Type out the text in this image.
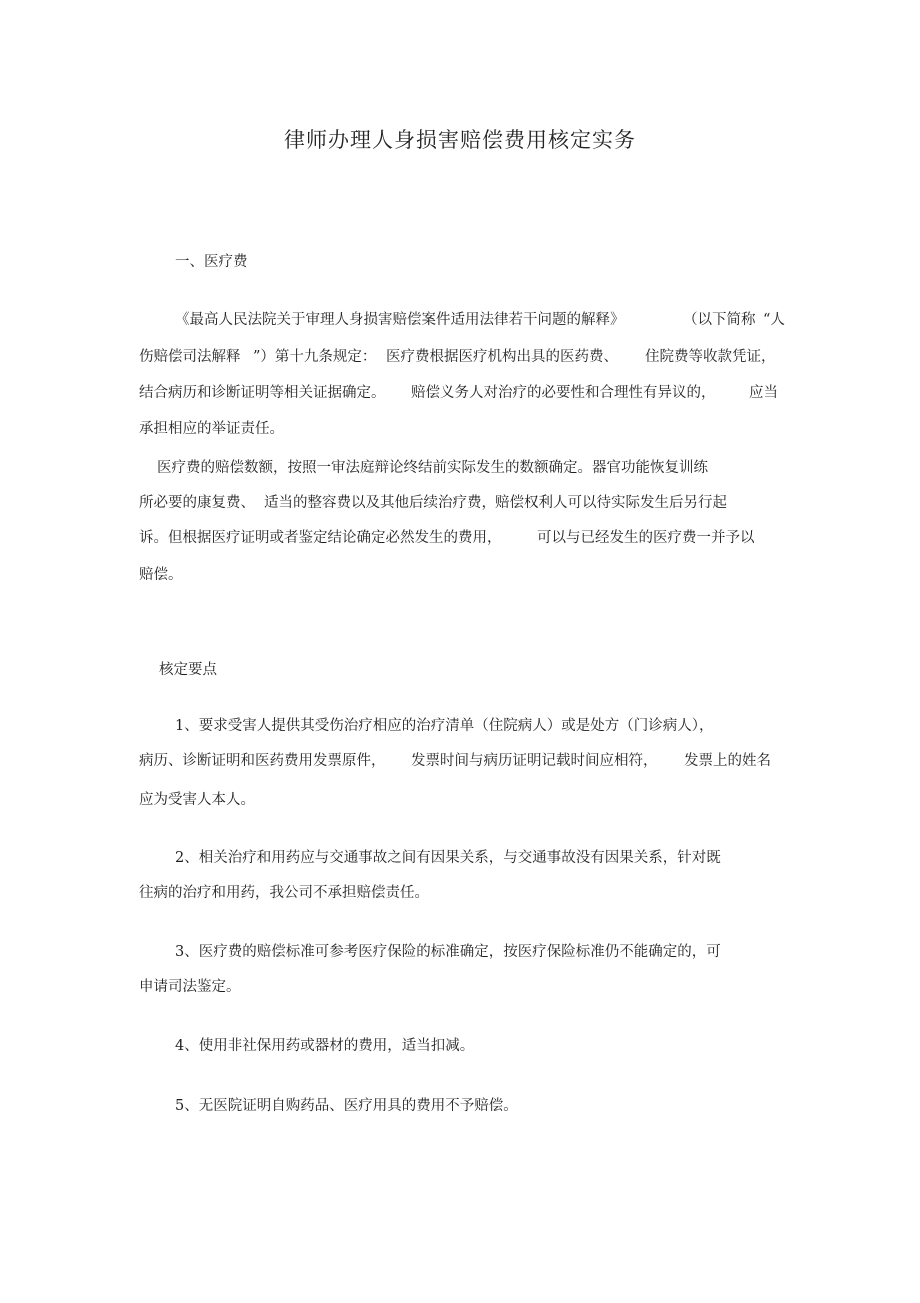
律师办理人身损害赔偿费用核定实务
一、医疗费
《最高人民法院关于审理人身损害赔偿案件适用法律若干问题的解释》	（以下简称 “人
伤赔偿司法解释 ”）第十九条规定： 医疗费根据医疗机构出具的医药费、 住院费等收款凭证，
结合病历和诊断证明等相关证据确定。 赔偿义务人对治疗的必要性和合理性有异议的， 应当
承担相应的举证责任。
医疗费的赔偿数额，按照一审法庭辩论终结前实际发生的数额确定。器官功能恢复训练
所必要的康复费、 适当的整容费以及其他后续治疗费， 赔偿权利人可以待实际发生后另行起
诉。但根据医疗证明或者鉴定结论确定必然发生的费用， 可以与已经发生的医疗费一并予以
赔偿。
核定要点
1、要求受害人提供其受伤治疗相应的治疗清单（住院病人）或是处方（门诊病人），
病历、诊断证明和医药费用发票原件， 发票时间与病历证明记载时间应相符， 发票上的姓名
应为受害人本人。
2、相关治疗和用药应与交通事故之间有因果关系，与交通事故没有因果关系，针对既
往病的治疗和用药，我公司不承担赔偿责任。
3、医疗费的赔偿标准可参考医疗保险的标准确定，按医疗保险标准仍不能确定的，可
申请司法鉴定。
4、使用非社保用药或器材的费用，适当扣减。
5、无医院证明自购药品、医疗用具的费用不予赔偿。
